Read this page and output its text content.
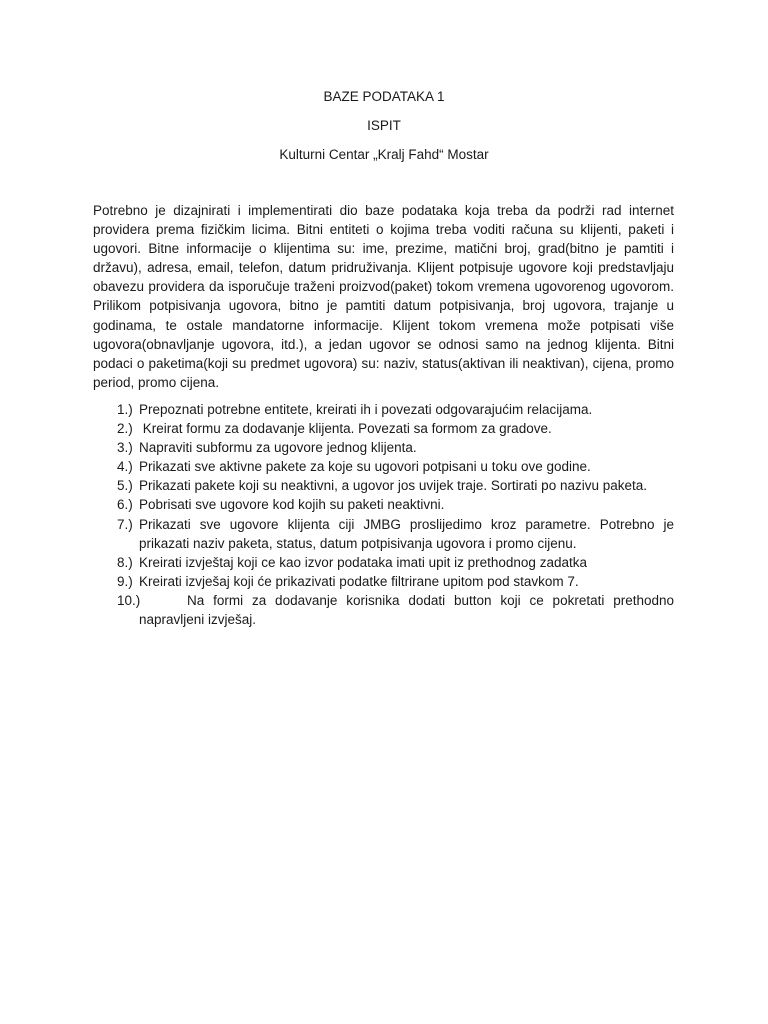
BAZE PODATAKA 1

ISPIT

Kulturni Centar „Kralj Fahd“ Mostar

Potrebno je dizajnirati i implementirati dio baze podataka koja treba da podrži rad internet providera prema fizičkim licima. Bitni entiteti o kojima treba voditi računa su klijenti, paketi i ugovori. Bitne informacije o klijentima su: ime, prezime, matični broj, grad(bitno je pamtiti i državu), adresa, email, telefon, datum pridruživanja. Klijent potpisuje ugovore koji predstavljaju obavezu providera da isporučuje traženi proizvod(paket) tokom vremena ugovorenog ugovorom. Prilikom potpisivanja ugovora, bitno je pamtiti datum potpisivanja, broj ugovora, trajanje u godinama, te ostale mandatorne informacije. Klijent tokom vremena može potpisati više ugovora(obnavljanje ugovora, itd.), a jedan ugovor se odnosi samo na jednog klijenta. Bitni podaci o paketima(koji su predmet ugovora) su: naziv, status(aktivan ili neaktivan), cijena, promo period, promo cijena.

1.) Prepoznati potrebne entitete, kreirati ih i povezati odgovarajućim relacijama.
2.) Kreirat formu za dodavanje klijenta. Povezati sa formom za gradove.
3.) Napraviti subformu za ugovore jednog klijenta.
4.) Prikazati sve aktivne pakete za koje su ugovori potpisani u toku ove godine.
5.) Prikazati pakete koji su neaktivni, a ugovor jos uvijek traje. Sortirati po nazivu paketa.
6.) Pobrisati sve ugovore kod kojih su paketi neaktivni.
7.) Prikazati sve ugovore klijenta ciji JMBG proslijedimo kroz parametre. Potrebno je prikazati naziv paketa, status, datum potpisivanja ugovora i promo cijenu.
8.) Kreirati izvještaj koji ce kao izvor podataka imati upit iz prethodnog zadatka
9.) Kreirati izvješaj koji će prikazivati podatke filtrirane upitom pod stavkom 7.
10.)	Na formi za dodavanje korisnika dodati button koji ce pokretati prethodno napravljeni izvješaj.
